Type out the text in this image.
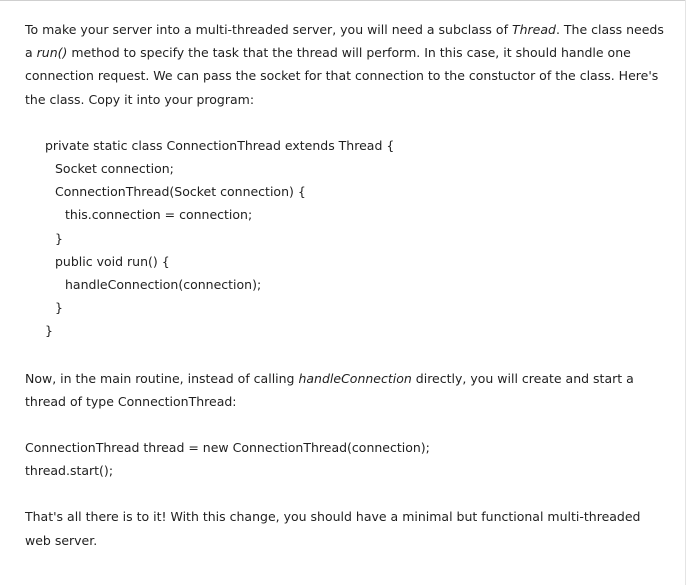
To make your server into a multi-threaded server, you will need a subclass of Thread. The class needs a run() method to specify the task that the thread will perform. In this case, it should handle one connection request. We can pass the socket for that connection to the constuctor of the class. Here's the class. Copy it into your program:

private static class ConnectionThread extends Thread {
Socket connection;
ConnectionThread(Socket connection) {
this.connection = connection;
}
public void run() {
handleConnection(connection);
}
}

Now, in the main routine, instead of calling handleConnection directly, you will create and start a thread of type ConnectionThread:

ConnectionThread thread = new ConnectionThread(connection);
thread.start();

That's all there is to it! With this change, you should have a minimal but functional multi-threaded web server.
